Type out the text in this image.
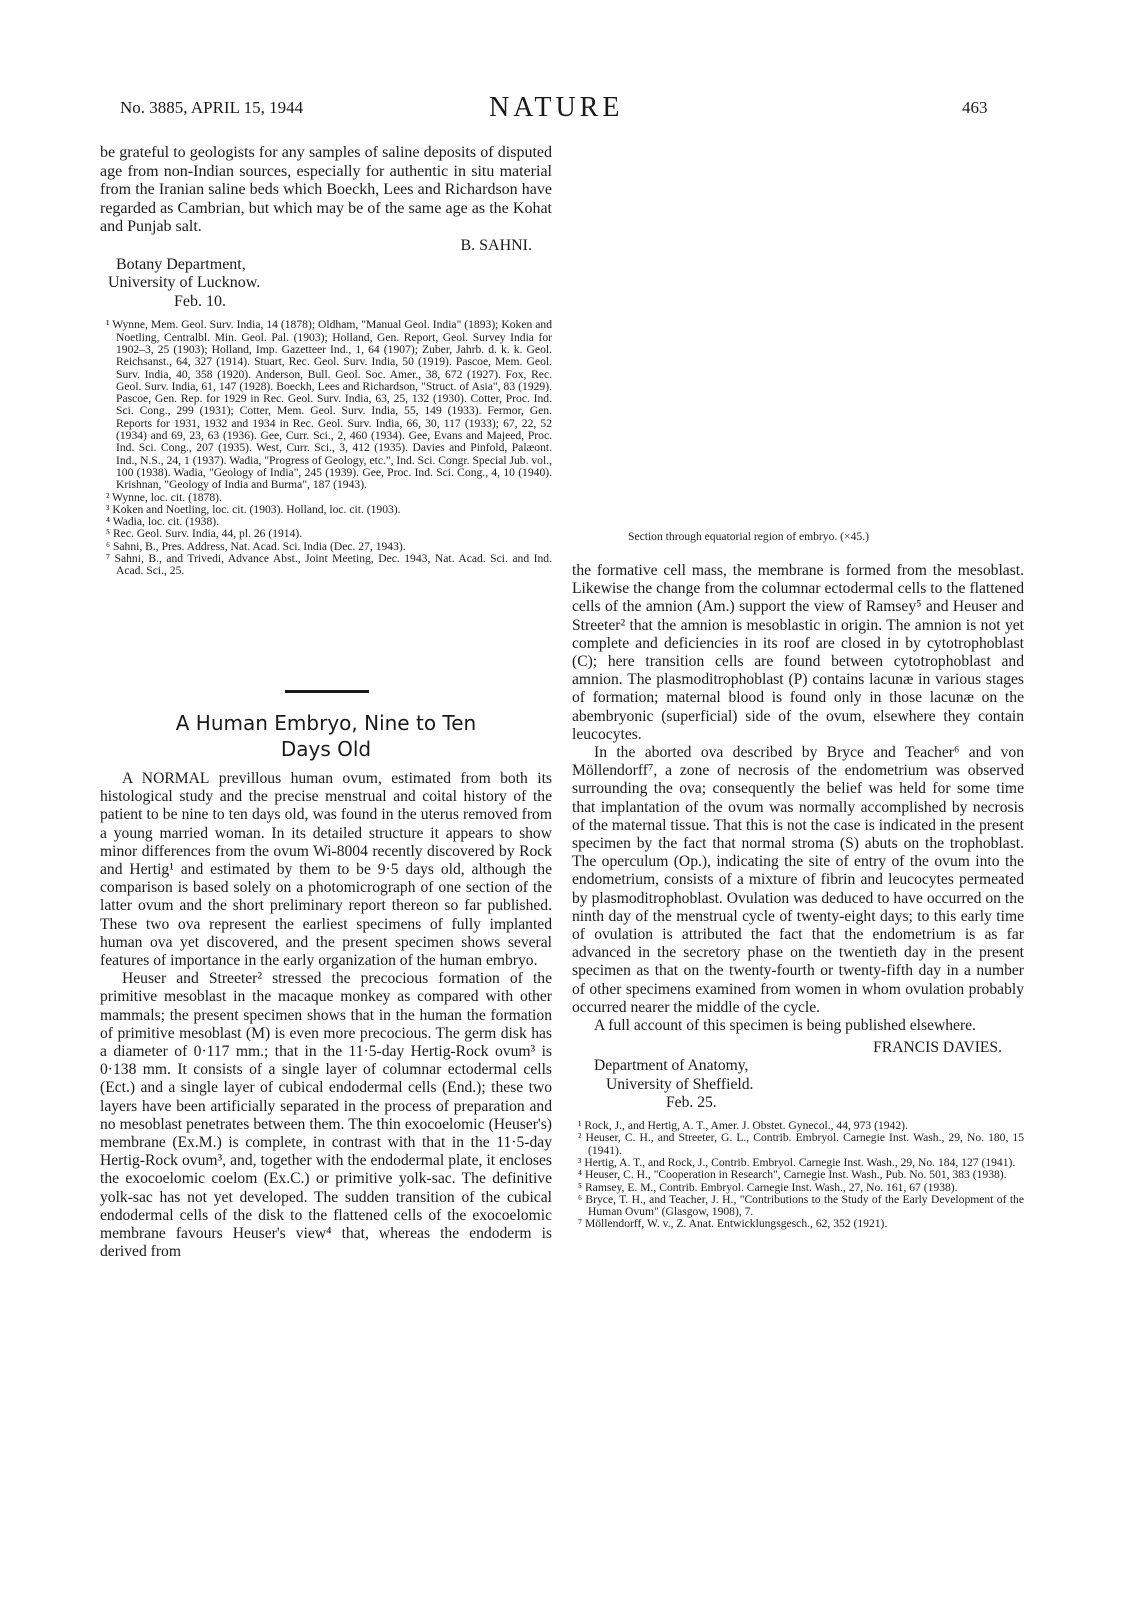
No. 3885, APRIL 15, 1944	NATURE	463

be grateful to geologists for any samples of saline deposits of disputed age from non-Indian sources, especially for authentic in situ material from the Iranian saline beds which Boeckh, Lees and Richardson have regarded as Cambrian, but which may be of the same age as the Kohat and Punjab salt.

B. SAHNI.
Botany Department,
University of Lucknow.
Feb. 10.

¹ Wynne, Mem. Geol. Surv. India, 14 (1878); Oldham, "Manual Geol. India" (1893); Koken and Noetling, Centralbl. Min. Geol. Pal. (1903); Holland, Gen. Report, Geol. Survey India for 1902–3, 25 (1903); Holland, Imp. Gazetteer Ind., 1, 64 (1907); Zuber, Jahrb. d. k. k. Geol. Reichsanst., 64, 327 (1914). Stuart, Rec. Geol. Surv. India, 50 (1919). Pascoe, Mem. Geol. Surv. India, 40, 358 (1920). Anderson, Bull. Geol. Soc. Amer., 38, 672 (1927). Fox, Rec. Geol. Surv. India, 61, 147 (1928). Boeckh, Lees and Richardson, "Struct. of Asia", 83 (1929). Pascoe, Gen. Rep. for 1929 in Rec. Geol. Surv. India, 63, 25, 132 (1930). Cotter, Proc. Ind. Sci. Cong., 299 (1931); Cotter, Mem. Geol. Surv. India, 55, 149 (1933). Fermor, Gen. Reports for 1931, 1932 and 1934 in Rec. Geol. Surv. India, 66, 30, 117 (1933); 67, 22, 52 (1934) and 69, 23, 63 (1936). Gee, Curr. Sci., 2, 460 (1934). Gee, Evans and Majeed, Proc. Ind. Sci. Cong., 207 (1935). West, Curr. Sci., 3, 412 (1935). Davies and Pinfold, Palæont. Ind., N.S., 24, 1 (1937). Wadia, "Progress of Geology, etc.", Ind. Sci. Congr. Special Jub. vol., 100 (1938). Wadia, "Geology of India", 245 (1939). Gee, Proc. Ind. Sci. Cong., 4, 10 (1940). Krishnan, "Geology of India and Burma", 187 (1943).

² Wynne, loc. cit. (1878).

³ Koken and Noetling, loc. cit. (1903). Holland, loc. cit. (1903).

⁴ Wadia, loc. cit. (1938).

⁵ Rec. Geol. Surv. India, 44, pl. 26 (1914).

⁶ Sahni, B., Pres. Address, Nat. Acad. Sci. India (Dec. 27, 1943).

⁷ Sahni, B., and Trivedi, Advance Abst., Joint Meeting, Dec. 1943, Nat. Acad. Sci. and Ind. Acad. Sci., 25.

A Human Embryo, Nine to Ten
Days Old

A NORMAL previllous human ovum, estimated from both its histological study and the precise menstrual and coital history of the patient to be nine to ten days old, was found in the uterus removed from a young married woman. In its detailed structure it appears to show minor differences from the ovum Wi-8004 recently discovered by Rock and Hertig¹ and estimated by them to be 9·5 days old, although the comparison is based solely on a photomicrograph of one section of the latter ovum and the short preliminary report thereon so far published. These two ova represent the earliest specimens of fully implanted human ova yet discovered, and the present specimen shows several features of importance in the early organization of the human embryo.

Heuser and Streeter² stressed the precocious formation of the primitive mesoblast in the macaque monkey as compared with other mammals; the present specimen shows that in the human the formation of primitive mesoblast (M) is even more precocious. The germ disk has a diameter of 0·117 mm.; that in the 11·5-day Hertig-Rock ovum³ is 0·138 mm. It consists of a single layer of columnar ectodermal cells (Ect.) and a single layer of cubical endodermal cells (End.); these two layers have been artificially separated in the process of preparation and no mesoblast penetrates between them. The thin exocoelomic (Heuser's) membrane (Ex.M.) is complete, in contrast with that in the 11·5-day Hertig-Rock ovum³, and, together with the endodermal plate, it encloses the exocoelomic coelom (Ex.C.) or primitive yolk-sac. The definitive yolk-sac has not yet developed. The sudden transition of the cubical endodermal cells of the disk to the flattened cells of the exocoelomic membrane favours Heuser's view⁴ that, whereas the endoderm is derived from

Section through equatorial region of embryo. (×45.)

the formative cell mass, the membrane is formed from the mesoblast. Likewise the change from the columnar ectodermal cells to the flattened cells of the amnion (Am.) support the view of Ramsey⁵ and Heuser and Streeter² that the amnion is mesoblastic in origin. The amnion is not yet complete and deficiencies in its roof are closed in by cytotrophoblast (C); here transition cells are found between cytotrophoblast and amnion. The plasmoditrophoblast (P) contains lacunæ in various stages of formation; maternal blood is found only in those lacunæ on the abembryonic (superficial) side of the ovum, elsewhere they contain leucocytes.

In the aborted ova described by Bryce and Teacher⁶ and von Möllendorff⁷, a zone of necrosis of the endometrium was observed surrounding the ova; consequently the belief was held for some time that implantation of the ovum was normally accomplished by necrosis of the maternal tissue. That this is not the case is indicated in the present specimen by the fact that normal stroma (S) abuts on the trophoblast. The operculum (Op.), indicating the site of entry of the ovum into the endometrium, consists of a mixture of fibrin and leucocytes permeated by plasmoditrophoblast. Ovulation was deduced to have occurred on the ninth day of the menstrual cycle of twenty-eight days; to this early time of ovulation is attributed the fact that the endometrium is as far advanced in the secretory phase on the twentieth day in the present specimen as that on the twenty-fourth or twenty-fifth day in a number of other specimens examined from women in whom ovulation probably occurred nearer the middle of the cycle.

A full account of this specimen is being published elsewhere.

FRANCIS DAVIES.
Department of Anatomy,
University of Sheffield.
Feb. 25.

¹ Rock, J., and Hertig, A. T., Amer. J. Obstet. Gynecol., 44, 973 (1942).

² Heuser, C. H., and Streeter, G. L., Contrib. Embryol. Carnegie Inst. Wash., 29, No. 180, 15 (1941).

³ Hertig, A. T., and Rock, J., Contrib. Embryol. Carnegie Inst. Wash., 29, No. 184, 127 (1941).

⁴ Heuser, C. H., "Cooperation in Research", Carnegie Inst. Wash., Pub. No. 501, 383 (1938).

⁵ Ramsey, E. M., Contrib. Embryol. Carnegie Inst. Wash., 27, No. 161, 67 (1938).

⁶ Bryce, T. H., and Teacher, J. H., "Contributions to the Study of the Early Development of the Human Ovum" (Glasgow, 1908), 7.

⁷ Möllendorff, W. v., Z. Anat. Entwicklungsgesch., 62, 352 (1921).
